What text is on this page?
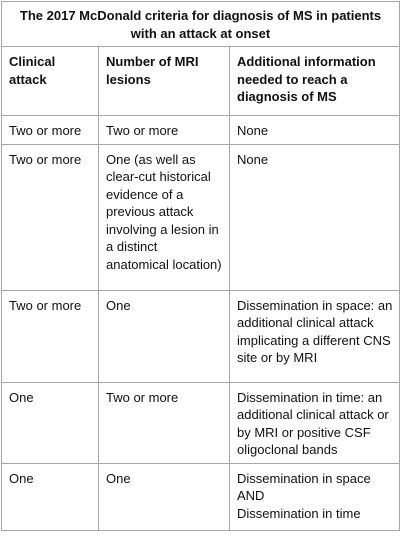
The 2017 McDonald criteria for diagnosis of MS in patients with an attack at onset		

Clinical attack	Number of MRI lesions	Additional information needed to reach a diagnosis of MS

Two or more	Two or more	None

Two or more	One (as well as clear-cut historical evidence of a previous attack involving a lesion in a distinct anatomical location)	None

Two or more	One	Dissemination in space: an additional clinical attack implicating a different CNS site or by MRI

One	Two or more	Dissemination in time: an additional clinical attack or by MRI or positive CSF oligoclonal bands

One	One	Dissemination in space AND
Dissemination in time
